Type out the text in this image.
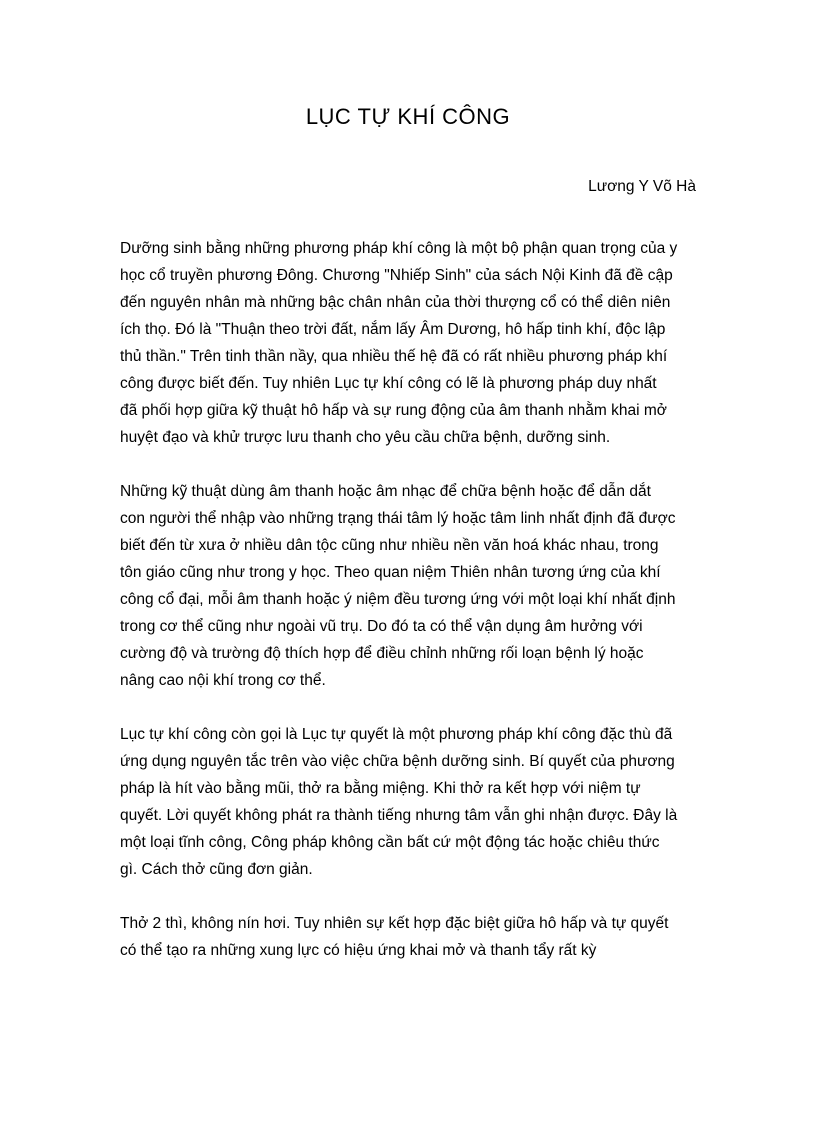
LỤC TỰ KHÍ CÔNG
Lương Y Võ Hà

Dưỡng sinh bằng những phương pháp khí công là một bộ phận quan trọng của y
học cổ truyền phương Đông. Chương "Nhiếp Sinh" của sách Nội Kinh đã đề cập
đến nguyên nhân mà những bậc chân nhân của thời thượng cổ có thể diên niên
ích thọ. Đó là "Thuận theo trời đất, nắm lấy Âm Dương, hô hấp tinh khí, độc lập
thủ thần." Trên tinh thần nầy, qua nhiều thế hệ đã có rất nhiều phương pháp khí
công được biết đến. Tuy nhiên Lục tự khí công có lẽ là phương pháp duy nhất
đã phối hợp giữa kỹ thuật hô hấp và sự rung động của âm thanh nhằm khai mở
huyệt đạo và khử trược lưu thanh cho yêu cầu chữa bệnh, dưỡng sinh.

Những kỹ thuật dùng âm thanh hoặc âm nhạc để chữa bệnh hoặc để dẫn dắt
con người thể nhập vào những trạng thái tâm lý hoặc tâm linh nhất định đã được
biết đến từ xưa ở nhiều dân tộc cũng như nhiều nền văn hoá khác nhau, trong
tôn giáo cũng như trong y học. Theo quan niệm Thiên nhân tương ứng của khí
công cổ đại, mỗi âm thanh hoặc ý niệm đều tương ứng với một loại khí nhất định
trong cơ thể cũng như ngoài vũ trụ. Do đó ta có thể vận dụng âm hưởng với
cường độ và trường độ thích hợp để điều chỉnh những rối loạn bệnh lý hoặc
nâng cao nội khí trong cơ thể.

Lục tự khí công còn gọi là Lục tự quyết là một phương pháp khí công đặc thù đã
ứng dụng nguyên tắc trên vào việc chữa bệnh dưỡng sinh. Bí quyết của phương
pháp là hít vào bằng mũi, thở ra bằng miệng. Khi thở ra kết hợp với niệm tự
quyết. Lời quyết không phát ra thành tiếng nhưng tâm vẫn ghi nhận được. Đây là
một loại tĩnh công, Công pháp không cần bất cứ một động tác hoặc chiêu thức
gì. Cách thở cũng đơn giản.

Thở 2 thì, không nín hơi. Tuy nhiên sự kết hợp đặc biệt giữa hô hấp và tự quyết
có thể tạo ra những xung lực có hiệu ứng khai mở và thanh tẩy rất kỳ
